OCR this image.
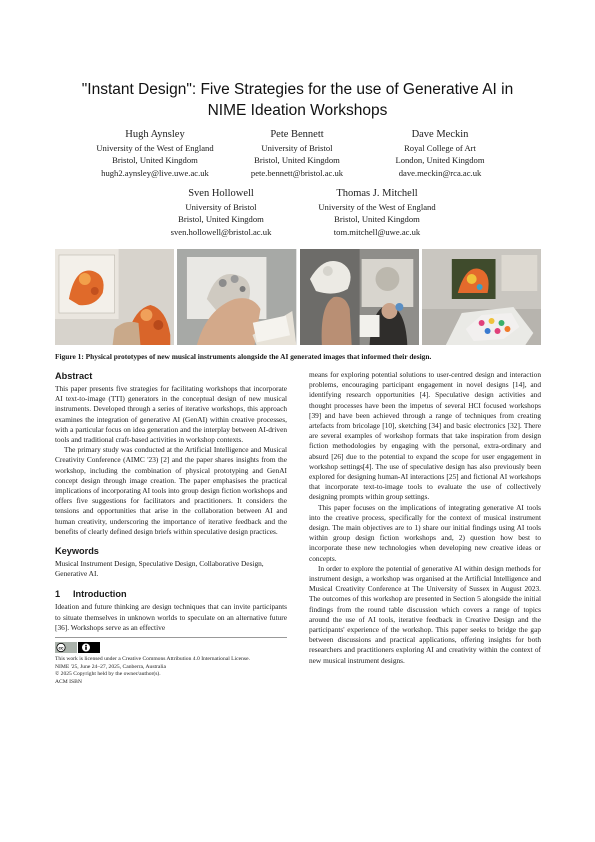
"Instant Design": Five Strategies for the use of Generative AI in
NIME Ideation Workshops
Hugh Aynsley
University of the West of England
Bristol, United Kingdom
hugh2.aynsley@live.uwe.ac.uk
Pete Bennett
University of Bristol
Bristol, United Kingdom
pete.bennett@bristol.ac.uk
Dave Meckin
Royal College of Art
London, United Kingdom
dave.meckin@rca.ac.uk
Sven Hollowell
University of Bristol
Bristol, United Kingdom
sven.hollowell@bristol.ac.uk
Thomas J. Mitchell
University of the West of England
Bristol, United Kingdom
tom.mitchell@uwe.ac.uk
Figure 1: Physical prototypes of new musical instruments alongside the AI generated images that informed their design.
Abstract

This paper presents five strategies for facilitating workshops that incorporate AI text-to-image (TTI) generators in the conceptual design of new musical instruments. Developed through a series of iterative workshops, this approach examines the integration of generative AI (GenAI) within creative processes, with a particular focus on idea generation and the interplay between AI-driven tools and traditional craft-based activities in workshop contexts.

The primary study was conducted at the Artificial Intelligence and Musical Creativity Conference (AIMC '23) [2] and the paper shares insights from the workshop, including the combination of physical prototyping and GenAI concept design through image creation. The paper emphasises the practical implications of incorporating AI tools into group design fiction workshops and offers five suggestions for facilitators and practitioners. It considers the tensions and opportunities that arise in the collaboration between AI and human creativity, underscoring the importance of iterative feedback and the benefits of clearly defined design briefs within speculative design practices.

Keywords

Musical Instrument Design, Speculative Design, Collaborative Design, Generative AI.

1 Introduction

Ideation and future thinking are design techniques that can invite participants to situate themselves in unknown worlds to speculate on an alternative future [36]. Workshops serve as an effective

cc
This work is licensed under a Creative Commons Attribution 4.0 International License.
NIME '25, June 24–27, 2025, Canberra, Australia
© 2025 Copyright held by the owner/author(s).
ACM ISBN

means for exploring potential solutions to user-centred design and interaction problems, encouraging participant engagement in novel designs [14], and identifying research opportunities [4]. Speculative design activities and thought processes have been the impetus of several HCI focused workshops [39] and have been achieved through a range of techniques from creating artefacts from bricolage [10], sketching [34] and basic electronics [32]. There are several examples of workshop formats that take inspiration from design fiction methodologies by engaging with the personal, extra-ordinary and absurd [26] due to the potential to expand the scope for user engagement in workshop settings[4]. The use of speculative design has also previously been explored for designing human-AI interactions [25] and fictional AI workshops that incorporate text-to-image tools to evaluate the use of collectively designing prompts within group settings.

This paper focuses on the implications of integrating generative AI tools into the creative process, specifically for the context of musical instrument design. The main objectives are to 1) share our initial findings using AI tools within group design fiction workshops and, 2) question how best to incorporate these new technologies when developing new creative ideas or concepts.

In order to explore the potential of generative AI within design methods for instrument design, a workshop was organised at the Artificial Intelligence and Musical Creativity Conference at The University of Sussex in August 2023. The outcomes of this workshop are presented in Section 5 alongside the initial findings from the round table discussion which covers a range of topics around the use of AI tools, iterative feedback in Creative Design and the participants' experience of the workshop. This paper seeks to bridge the gap between discussions and practical applications, offering insights for both researchers and practitioners exploring AI and creativity within the context of new musical instrument designs.
